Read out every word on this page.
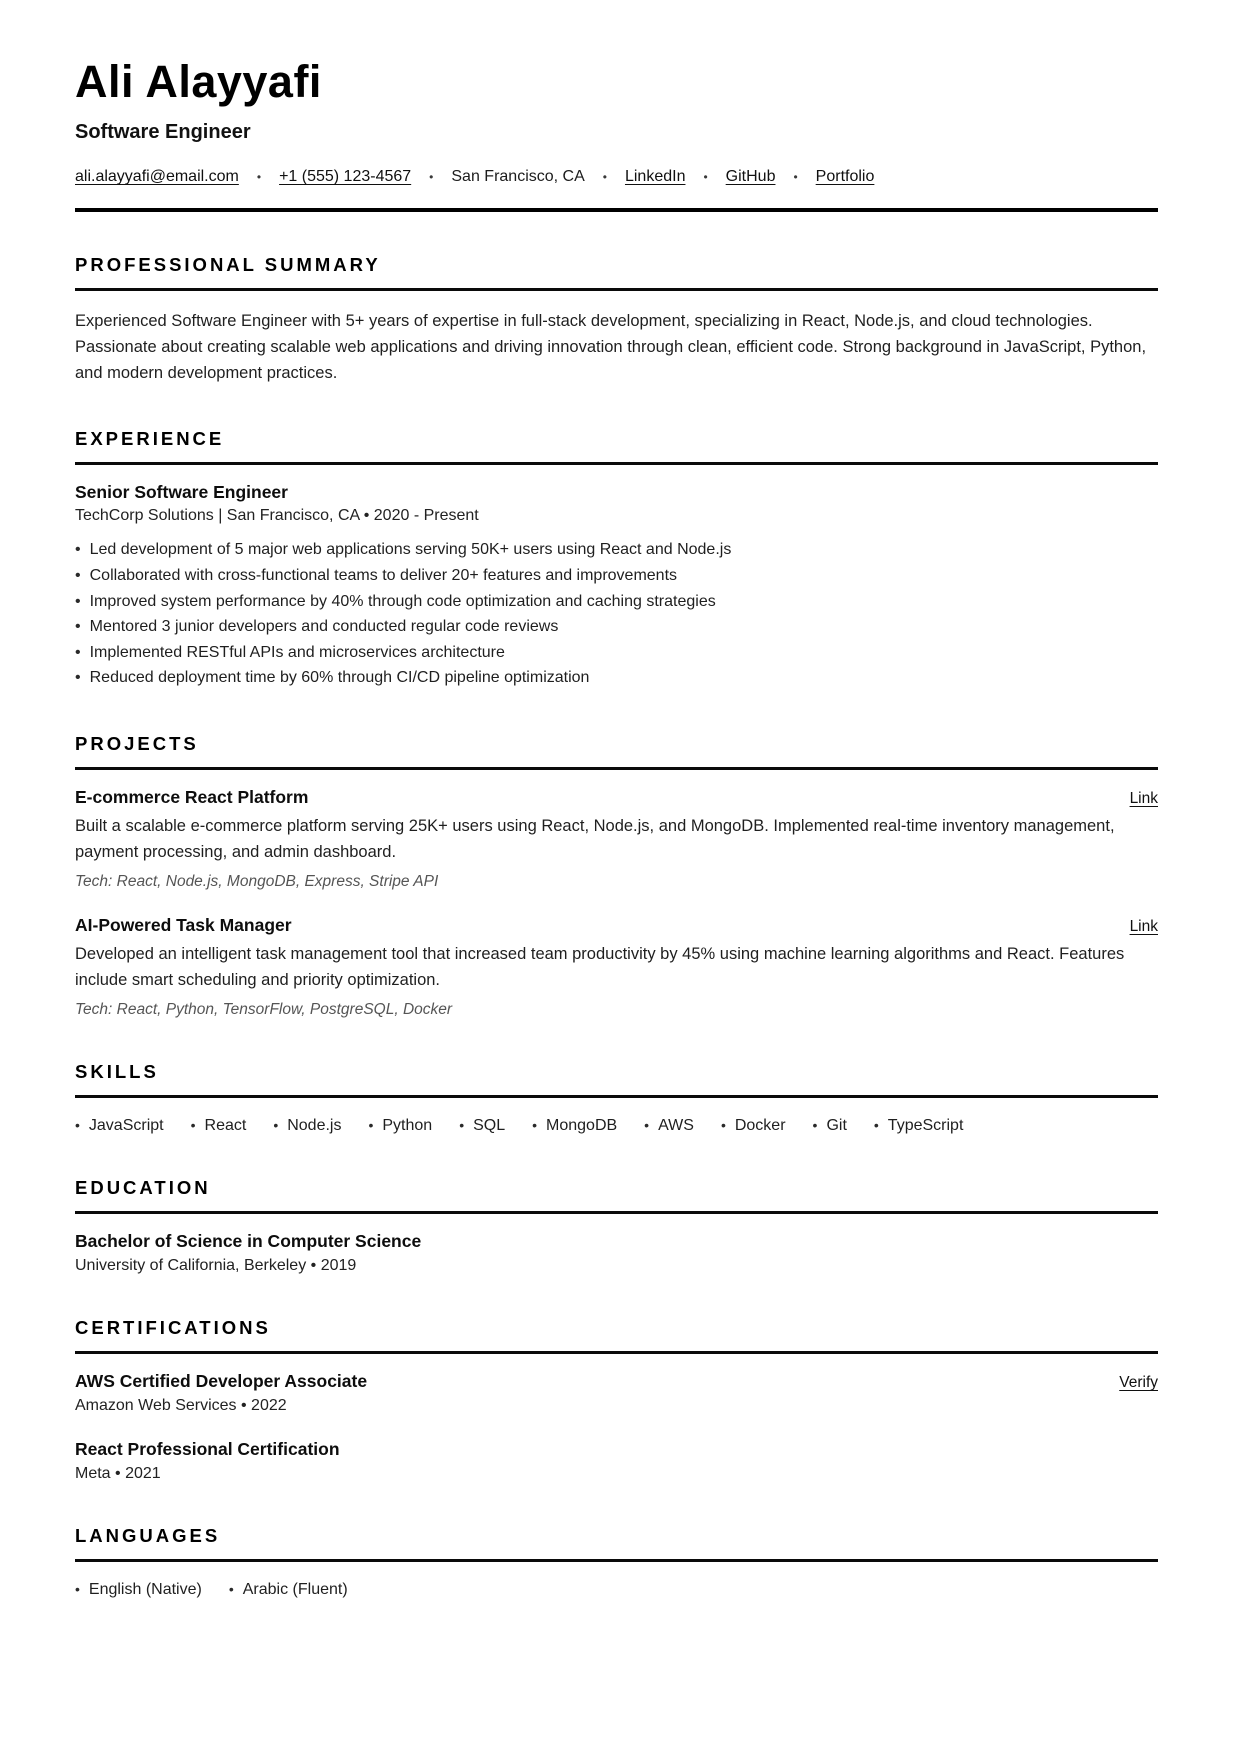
Ali Alayyafi
Software Engineer
ali.alayyafi@email.com • +1 (555) 123-4567 • San Francisco, CA • LinkedIn • GitHub • Portfolio
PROFESSIONAL SUMMARY

Experienced Software Engineer with 5+ years of expertise in full-stack development, specializing in React, Node.js, and cloud technologies. Passionate about creating scalable web applications and driving innovation through clean, efficient code. Strong background in JavaScript, Python, and modern development practices.

EXPERIENCE
Senior Software Engineer
TechCorp Solutions | San Francisco, CA • 2020 - Present
• Led development of 5 major web applications serving 50K+ users using React and Node.js
• Collaborated with cross-functional teams to deliver 20+ features and improvements
• Improved system performance by 40% through code optimization and caching strategies
• Mentored 3 junior developers and conducted regular code reviews
• Implemented RESTful APIs and microservices architecture
• Reduced deployment time by 60% through CI/CD pipeline optimization
PROJECTS
E-commerce React Platform	Link

Built a scalable e-commerce platform serving 25K+ users using React, Node.js, and MongoDB. Implemented real-time inventory management, payment processing, and admin dashboard.

Tech: React, Node.js, MongoDB, Express, Stripe API
AI-Powered Task Manager	Link

Developed an intelligent task management tool that increased team productivity by 45% using machine learning algorithms and React. Features include smart scheduling and priority optimization.

Tech: React, Python, TensorFlow, PostgreSQL, Docker
SKILLS
• JavaScript	• React	• Node.js	• Python	• SQL	• MongoDB	• AWS	• Docker	• Git	• TypeScript
EDUCATION
Bachelor of Science in Computer Science
University of California, Berkeley • 2019
CERTIFICATIONS
AWS Certified Developer Associate	Verify
Amazon Web Services • 2022
React Professional Certification
Meta • 2021
LANGUAGES
• English (Native)	• Arabic (Fluent)
